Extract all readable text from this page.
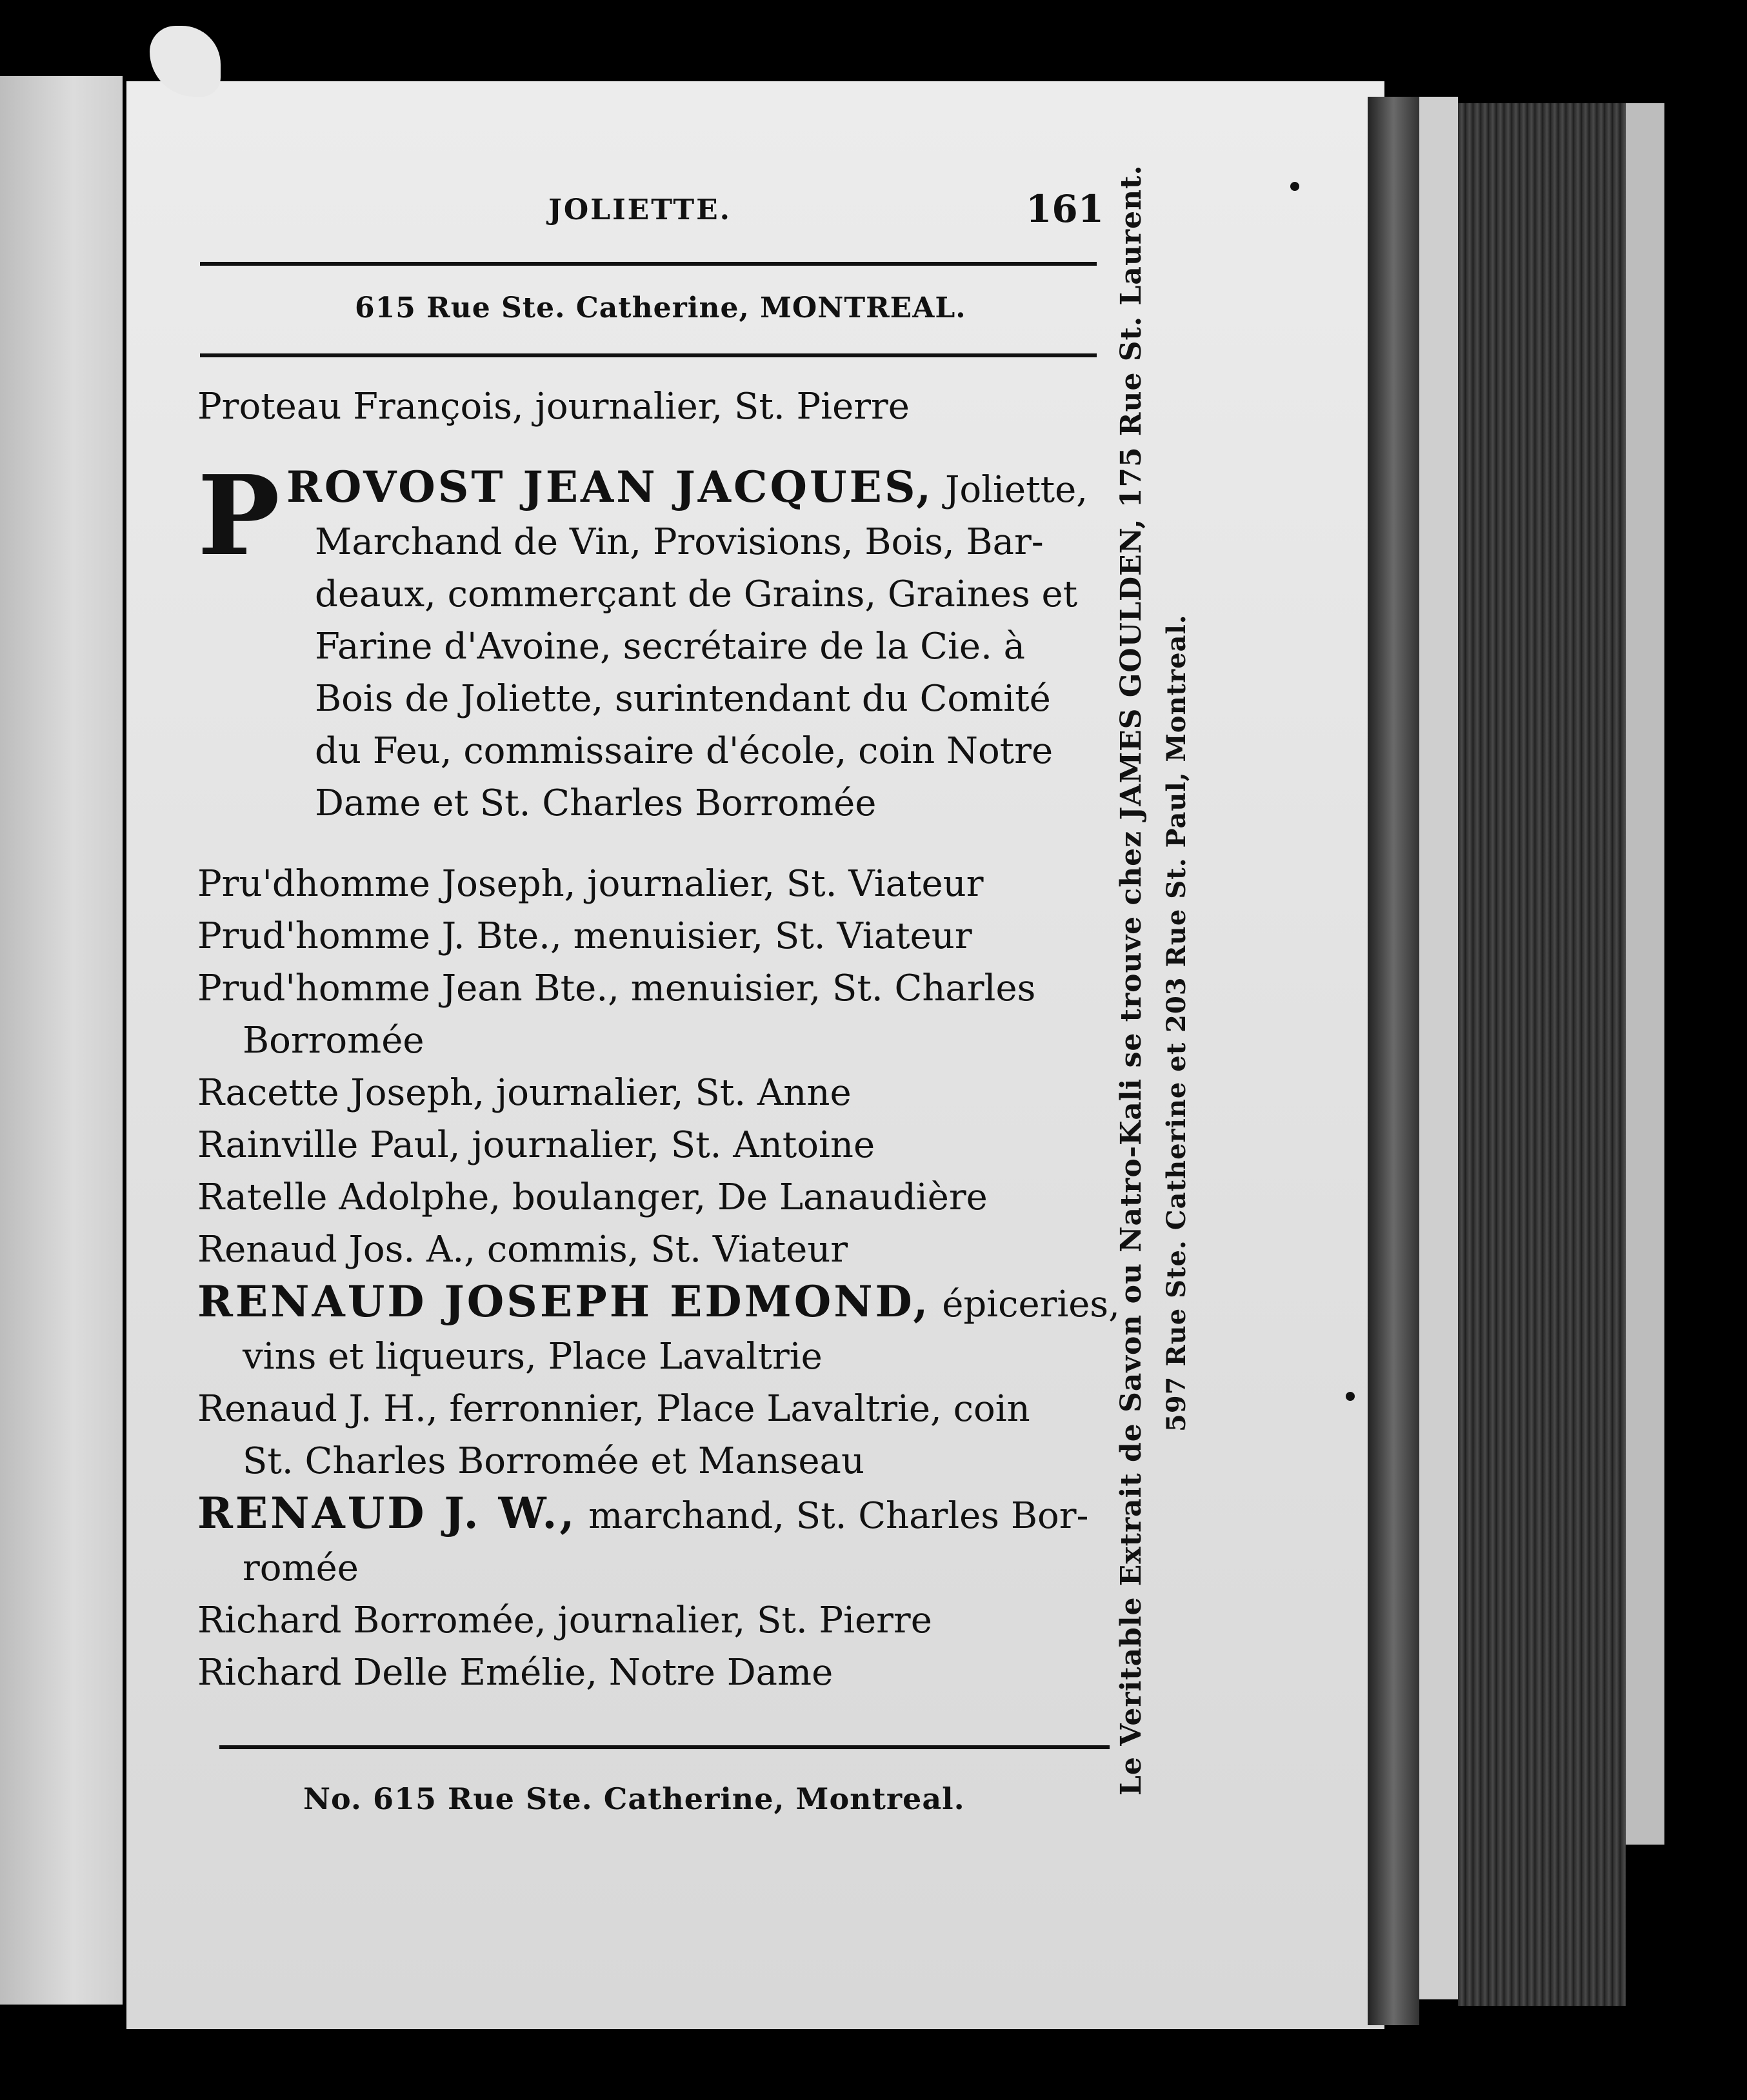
JOLIETTE.	161
615 Rue Ste. Catherine, MONTREAL.
Proteau François, journalier, St. Pierre
P ROVOST JEAN JACQUES, Joliette,
Marchand de Vin, Provisions, Bois, Bar-
deaux, commerçant de Grains, Graines et
Farine d'Avoine, secrétaire de la Cie. à
Bois de Joliette, surintendant du Comité
du Feu, commissaire d'école, coin Notre
Dame et St. Charles Borromée
Pru'dhomme Joseph, journalier, St. Viateur
Prud'homme J. Bte., menuisier, St. Viateur
Prud'homme Jean Bte., menuisier, St. Charles
Borromée
Racette Joseph, journalier, St. Anne
Rainville Paul, journalier, St. Antoine
Ratelle Adolphe, boulanger, De Lanaudière
Renaud Jos. A., commis, St. Viateur
RENAUD JOSEPH EDMOND, épiceries,
vins et liqueurs, Place Lavaltrie
Renaud J. H., ferronnier, Place Lavaltrie, coin
St. Charles Borromée et Manseau
RENAUD J. W., marchand, St. Charles Bor-
romée
Richard Borromée, journalier, St. Pierre
Richard Delle Emélie, Notre Dame
No. 615 Rue Ste. Catherine, Montreal.
Le Veritable Extrait de Savon ou Natro-Kali se trouve chez JAMES GOULDEN, 175 Rue St. Laurent. 597 Rue Ste. Catherine et 203 Rue St. Paul, Montreal.
